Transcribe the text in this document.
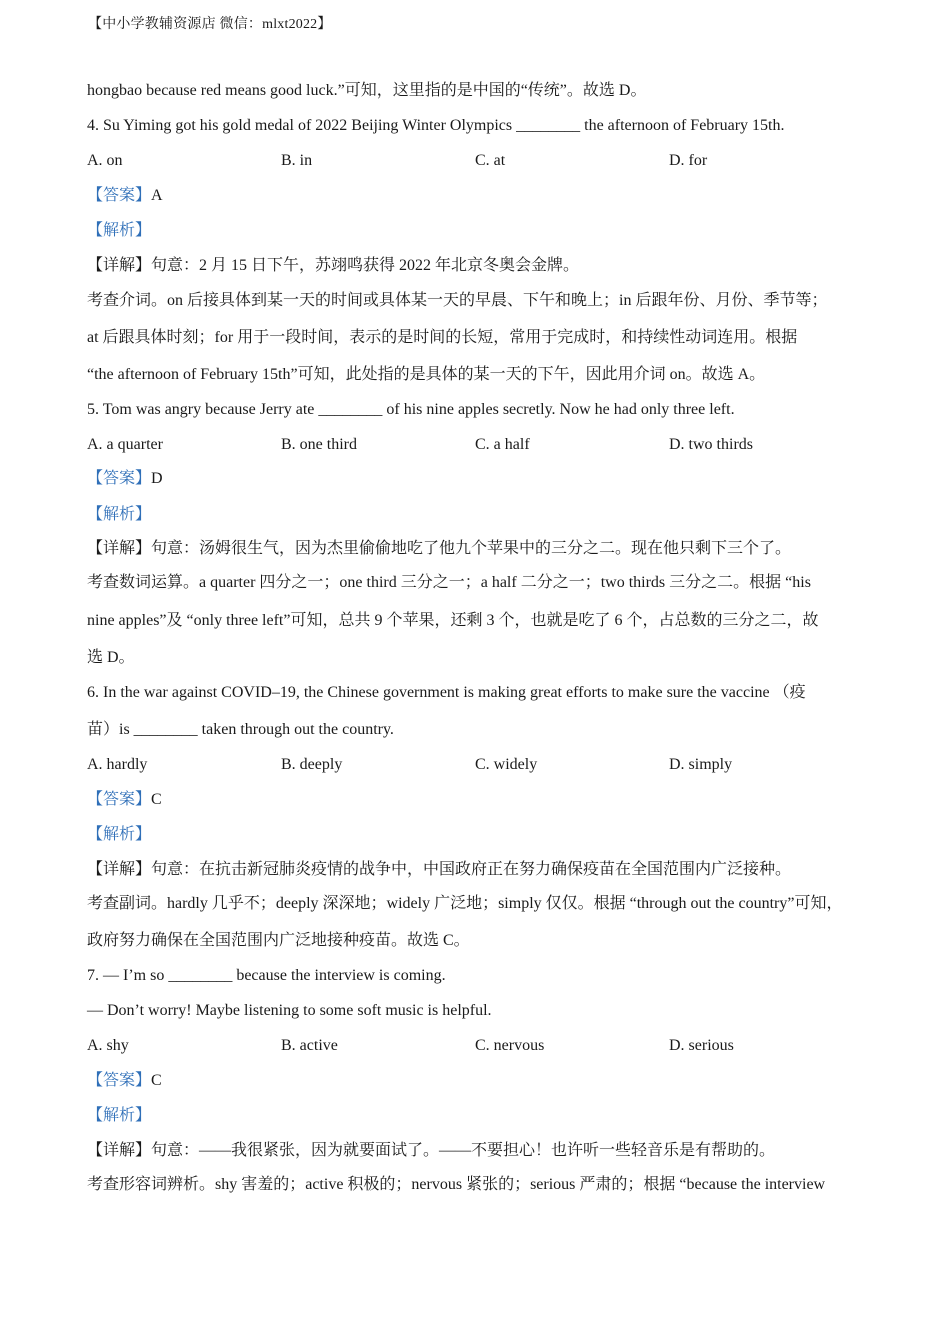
【中小学教辅资源店 微信：mlxt2022】
hongbao because red means good luck.”可知，这里指的是中国的“传统”。故选 D。
4. Su Yiming got his gold medal of 2022 Beijing Winter Olympics ________ the afternoon of February 15th.
A. on	B. in	C. at	D. for
【答案】A
【解析】
【详解】句意：2 月 15 日下午，苏翊鸣获得 2022 年北京冬奥会金牌。
考查介词。on 后接具体到某一天的时间或具体某一天的早晨、下午和晚上；in 后跟年份、月份、季节等；
at 后跟具体时刻；for 用于一段时间，表示的是时间的长短，常用于完成时，和持续性动词连用。根据
“the afternoon of February 15th”可知，此处指的是具体的某一天的下午，因此用介词 on。故选 A。
5. Tom was angry because Jerry ate ________ of his nine apples secretly. Now he had only three left.
A. a quarter	B. one third	C. a half	D. two thirds
【答案】D
【解析】
【详解】句意：汤姆很生气，因为杰里偷偷地吃了他九个苹果中的三分之二。现在他只剩下三个了。
考查数词运算。a quarter 四分之一；one third 三分之一；a half 二分之一；two thirds 三分之二。根据 “his
nine apples”及 “only three left”可知，总共 9 个苹果，还剩 3 个，也就是吃了 6 个，占总数的三分之二，故
选 D。
6. In the war against COVID–19, the Chinese government is making great efforts to make sure the vaccine （疫
苗）is ________ taken through out the country.
A. hardly	B. deeply	C. widely	D. simply
【答案】C
【解析】
【详解】句意：在抗击新冠肺炎疫情的战争中，中国政府正在努力确保疫苗在全国范围内广泛接种。
考查副词。hardly 几乎不；deeply 深深地；widely 广泛地；simply 仅仅。根据 “through out the country”可知，
政府努力确保在全国范围内广泛地接种疫苗。故选 C。
7. — I’m so ________ because the interview is coming.
— Don’t worry! Maybe listening to some soft music is helpful.
A. shy	B. active	C. nervous	D. serious
【答案】C
【解析】
【详解】句意：——我很紧张，因为就要面试了。——不要担心！也许听一些轻音乐是有帮助的。
考查形容词辨析。shy 害羞的；active 积极的；nervous 紧张的；serious 严肃的；根据 “because the interview
